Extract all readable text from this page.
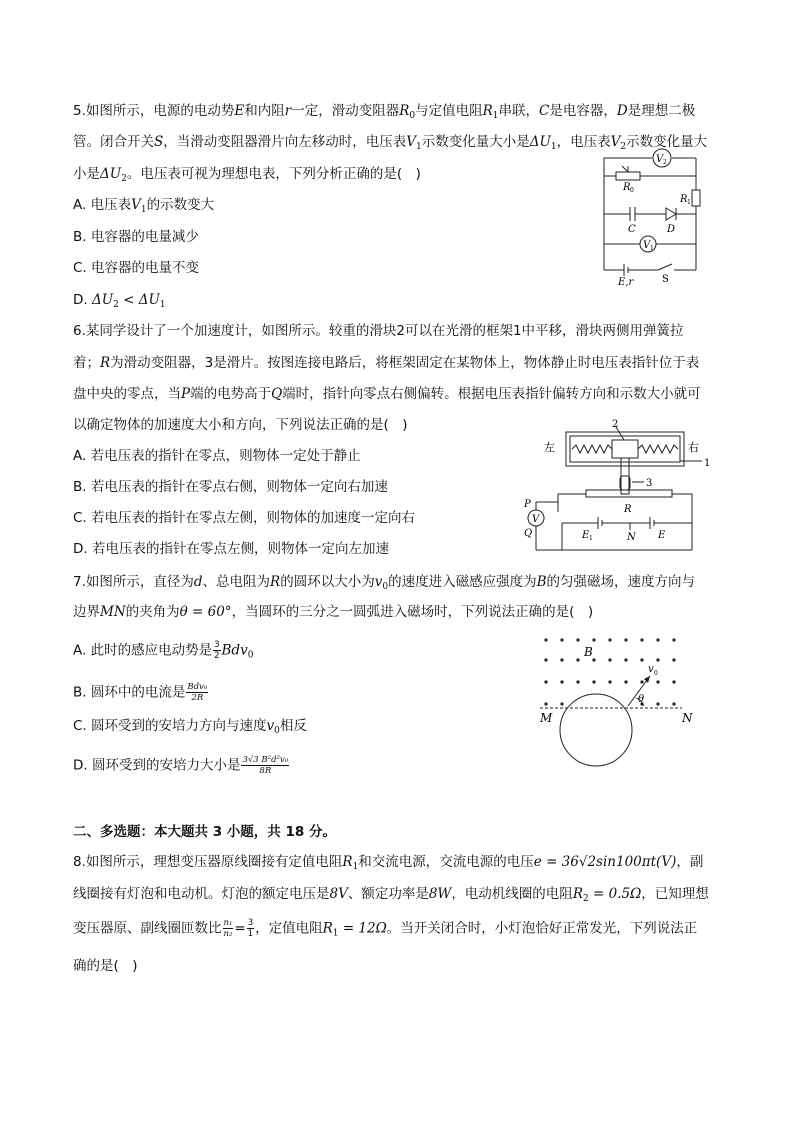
5.如图所示，电源的电动势E和内阻r一定，滑动变阻器$R_0$与定值电阻$R_1$串联，C是电容器，D是理想二极
管。闭合开关S，当滑动变阻器滑片向左移动时，电压表$V_1$示数变化量大小是$\Delta U_1$，电压表$V_2$示数变化量大
小是$\Delta U_2$。电压表可视为理想电表，下列分析正确的是(　)
A. 电压表$V_1$的示数变大
B. 电容器的电量减少
C. 电容器的电量不变
D. $\Delta U_2 < \Delta U_1$
V 2
R 0
R 1
C	D
V 1
E,r	S
6.某同学设计了一个加速度计，如图所示。较重的滑块2可以在光滑的框架1中平移，滑块两侧用弹簧拉
着；R为滑动变阻器，3是滑片。按图连接电路后，将框架固定在某物体上，物体静止时电压表指针位于表
盘中央的零点，当P端的电势高于Q端时，指针向零点右侧偏转。根据电压表指针偏转方向和示数大小就可
以确定物体的加速度大小和方向，下列说法正确的是(　)
A. 若电压表的指针在零点，则物体一定处于静止
B. 若电压表的指针在零点右侧，则物体一定向右加速
C. 若电压表的指针在零点左侧，则物体的加速度一定向右
D. 若电压表的指针在零点左侧，则物体一定向左加速
左	右
1
2
3
P
V
Q
R
E 1	N E
7.如图所示，直径为d、总电阻为R的圆环以大小为$v_0$的速度进入磁感应强度为B的匀强磁场，速度方向与
边界MN的夹角为θ = 60°，当圆环的三分之一圆弧进入磁场时，下列说法正确的是(　)
A. 此时的感应电动势是 $\frac{3}{2} Bdv_0$
B. 圆环中的电流是 $\frac{\text{Bdv₀}}{2R}$
C. 圆环受到的安培力方向与速度$v_0$相反
D. 圆环受到的安培力大小是 $\frac{\text{3√3 B²d²v₀}}{8R}$
B
v 0
θ
M	N
二、多选题：本大题共 3 小题，共 18 分。
8.如图所示，理想变压器原线圈接有定值电阻$R_1$和交流电源，交流电源的电压e = 36√2sin100πt(V)，副
线圈接有灯泡和电动机。灯泡的额定电压是8V、额定功率是8W，电动机线圈的电阻$R_2 = 0.5\Omega$，已知理想
变压器原、副线圈匝数比 $\frac{\text{n₁}}{\text{n₂}} = \frac{3}{1}$ ，定值电阻$R_1 = 12\Omega$。当开关闭合时，小灯泡恰好正常发光，下列说法正
确的是(　)
